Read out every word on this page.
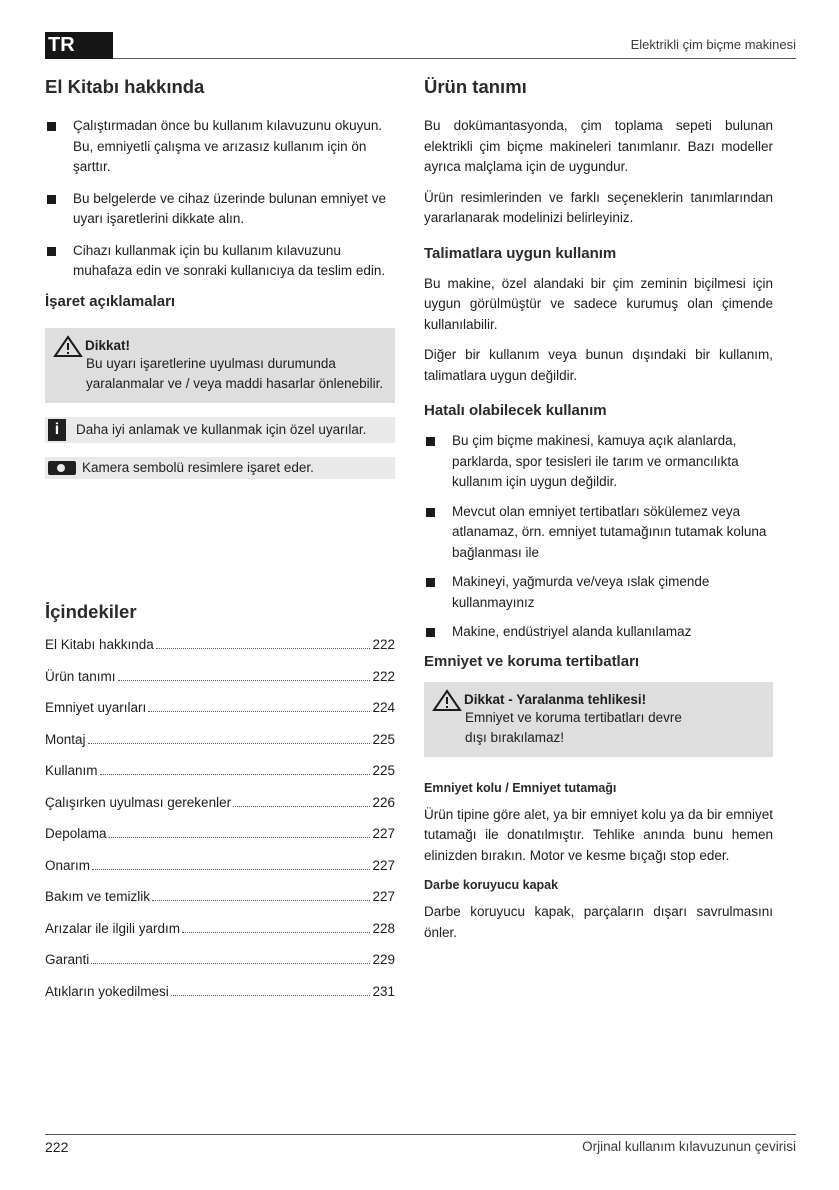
TR	Elektrikli çim biçme makinesi
El Kitabı hakkında
Çalıştırmadan önce bu kullanım kılavuzunu okuyun. Bu, emniyetli çalışma ve arızasız kullanım için ön şarttır.
Bu belgelerde ve cihaz üzerinde bulunan emniyet ve uyarı işaretlerini dikkate alın.
Cihazı kullanmak için bu kullanım kılavuzunu muhafaza edin ve sonraki kullanıcıya da teslim edin.
İşaret açıklamaları
Dikkat!
Bu uyarı işaretlerine uyulması durumunda yaralanmalar ve / veya maddi hasarlar önlenebilir.
i	Daha iyi anlamak ve kullanmak için özel uyarılar.
Kamera sembolü resimlere işaret eder.
İçindekiler
El Kitabı hakkında	222
Ürün tanımı	222
Emniyet uyarıları	224
Montaj	225
Kullanım	225
Çalışırken uyulması gerekenler	226
Depolama	227
Onarım	227
Bakım ve temizlik	227
Arızalar ile ilgili yardım	228
Garanti	229
Atıkların yokedilmesi	231
Ürün tanımı

Bu dokümantasyonda, çim toplama sepeti bulunan elektrikli çim biçme makineleri tanımlanır. Bazı modeller ayrıca malçlama için de uygundur.

Ürün resimlerinden ve farklı seçeneklerin tanımlarından yararlanarak modelinizi belirleyiniz.

Talimatlara uygun kullanım

Bu makine, özel alandaki bir çim zeminin biçilmesi için uygun görülmüştür ve sadece kurumuş olan çimende kullanılabilir.

Diğer bir kullanım veya bunun dışındaki bir kullanım, talimatlara uygun değildir.

Hatalı olabilecek kullanım
Bu çim biçme makinesi, kamuya açık alanlarda, parklarda, spor tesisleri ile tarım ve ormancılıkta kullanım için uygun değildir.
Mevcut olan emniyet tertibatları sökülemez veya atlanamaz, örn. emniyet tutamağının tutamak koluna bağlanması ile
Makineyi, yağmurda ve/veya ıslak çimende kullanmayınız
Makine, endüstriyel alanda kullanılamaz
Emniyet ve koruma tertibatları
Dikkat - Yaralanma tehlikesi!
Emniyet ve koruma tertibatları devre dışı bırakılamaz!
Emniyet kolu / Emniyet tutamağı

Ürün tipine göre alet, ya bir emniyet kolu ya da bir emniyet tutamağı ile donatılmıştır. Tehlike anında bunu hemen elinizden bırakın. Motor ve kesme bıçağı stop eder.

Darbe koruyucu kapak

Darbe koruyucu kapak, parçaların dışarı savrulmasını önler.

222	Orjinal kullanım kılavuzunun çevirisi
